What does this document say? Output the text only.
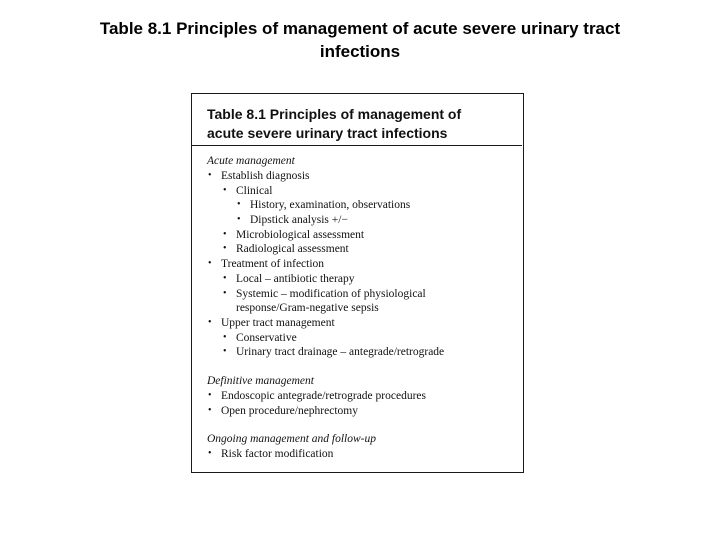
Table 8.1 Principles of management of acute severe urinary tract infections
Table 8.1 Principles of management of
acute severe urinary tract infections
Acute management
• Establish diagnosis
• Clinical
• History, examination, observations
• Dipstick analysis +/−
• Microbiological assessment
• Radiological assessment
• Treatment of infection
• Local – antibiotic therapy
• Systemic – modification of physiological
response/Gram-negative sepsis
• Upper tract management
• Conservative
• Urinary tract drainage – antegrade/retrograde
Definitive management
• Endoscopic antegrade/retrograde procedures
• Open procedure/nephrectomy
Ongoing management and follow-up
• Risk factor modification
